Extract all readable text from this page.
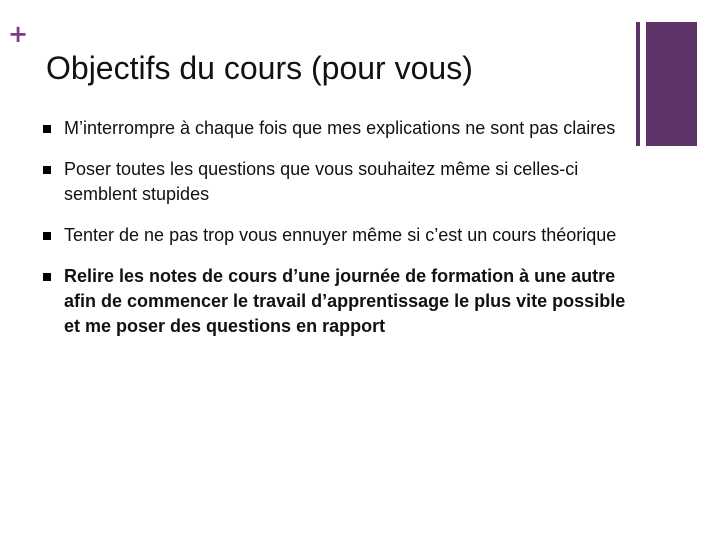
+
Objectifs du cours (pour vous)
M’interrompre à chaque fois que mes explications ne sont pas claires
Poser toutes les questions que vous souhaitez même si celles-ci semblent stupides
Tenter de ne pas trop vous ennuyer même si c’est un cours théorique
Relire les notes de cours d’une journée de formation à une autre afin de commencer le travail d’apprentissage le plus vite possible et me poser des questions en rapport
